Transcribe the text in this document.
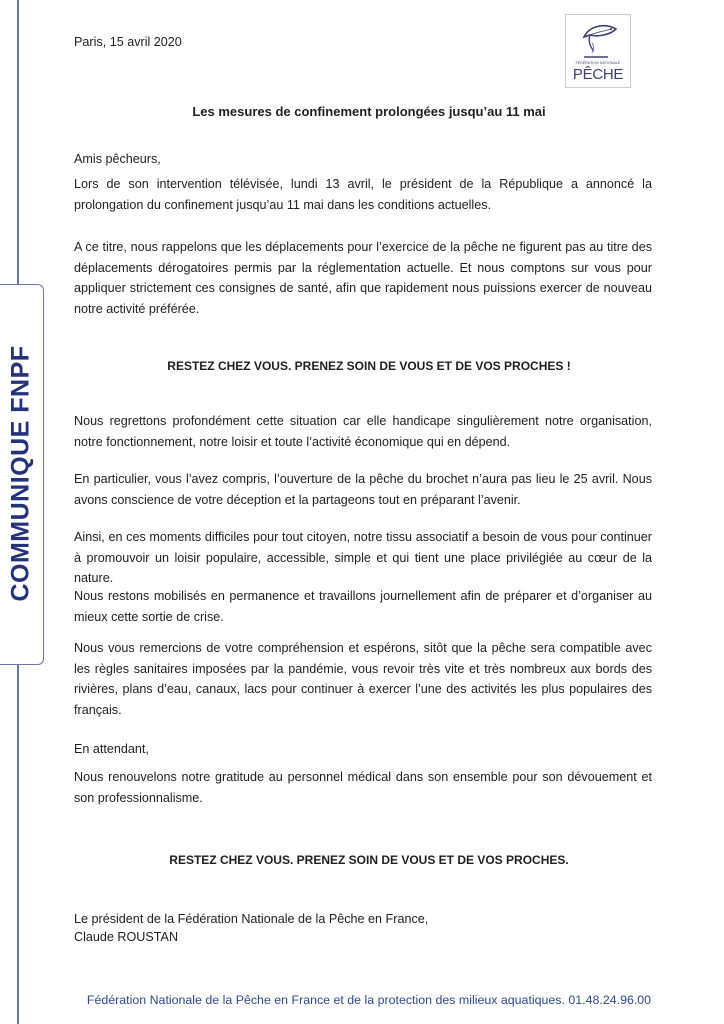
COMMUNIQUE FNPF
FÉDÉRATION NATIONALE
PÊCHE
Paris, 15 avril 2020
Les mesures de confinement prolongées jusqu’au 11 mai
Amis pêcheurs,
Lors de son intervention télévisée, lundi 13 avril, le président de la République a annoncé la prolongation du confinement jusqu’au 11 mai dans les conditions actuelles.
A ce titre, nous rappelons que les déplacements pour l’exercice de la pêche ne figurent pas au titre des déplacements dérogatoires permis par la réglementation actuelle. Et nous comptons sur vous pour appliquer strictement ces consignes de santé, afin que rapidement nous puissions exercer de nouveau notre activité préférée.
RESTEZ CHEZ VOUS. PRENEZ SOIN DE VOUS ET DE VOS PROCHES !
Nous regrettons profondément cette situation car elle handicape singulièrement notre organisation, notre fonctionnement, notre loisir et toute l’activité économique qui en dépend.
En particulier, vous l’avez compris, l’ouverture de la pêche du brochet n’aura pas lieu le 25 avril. Nous avons conscience de votre déception et la partageons tout en préparant l’avenir.
Ainsi, en ces moments difficiles pour tout citoyen, notre tissu associatif a besoin de vous pour continuer à promouvoir un loisir populaire, accessible, simple et qui tient une place privilégiée au cœur de la nature.
Nous restons mobilisés en permanence et travaillons journellement afin de préparer et d’organiser au mieux cette sortie de crise.
Nous vous remercions de votre compréhension et espérons, sitôt que la pêche sera compatible avec les règles sanitaires imposées par la pandémie, vous revoir très vite et très nombreux aux bords des rivières, plans d’eau, canaux, lacs pour continuer à exercer l’une des activités les plus populaires des français.
En attendant,
Nous renouvelons notre gratitude au personnel médical dans son ensemble pour son dévouement et son professionnalisme.
RESTEZ CHEZ VOUS. PRENEZ SOIN DE VOUS ET DE VOS PROCHES.
Le président de la Fédération Nationale de la Pêche en France,
Claude ROUSTAN
Fédération Nationale de la Pêche en France et de la protection des milieux aquatiques. 01.48.24.96.00
